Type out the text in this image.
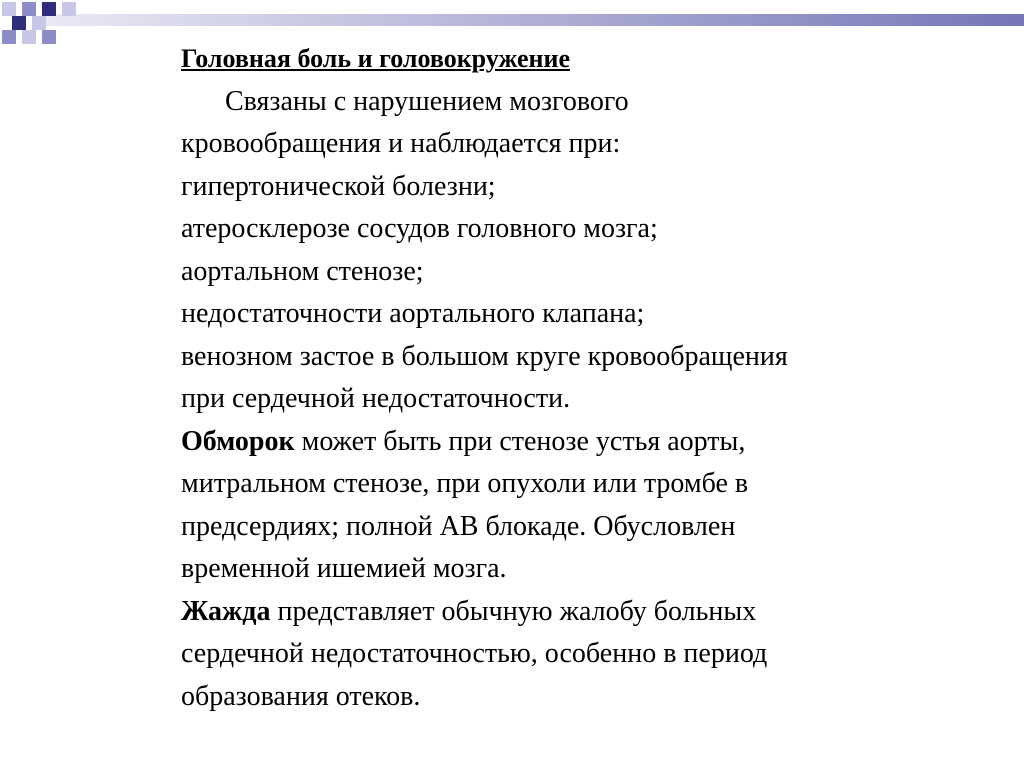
Головная боль и головокружение
Связаны с нарушением мозгового
кровообращения и наблюдается при:
гипертонической болезни;
атеросклерозе сосудов головного мозга;
аортальном стенозе;
недостаточности аортального клапана;
венозном застое в большом круге кровообращения
при сердечной недостаточности.
Обморок может быть при стенозе устья аорты,
митральном стенозе, при опухоли или тромбе в
предсердиях; полной АВ блокаде. Обусловлен
временной ишемией мозга.
Жажда представляет обычную жалобу больных
сердечной недостаточностью, особенно в период
образования отеков.
